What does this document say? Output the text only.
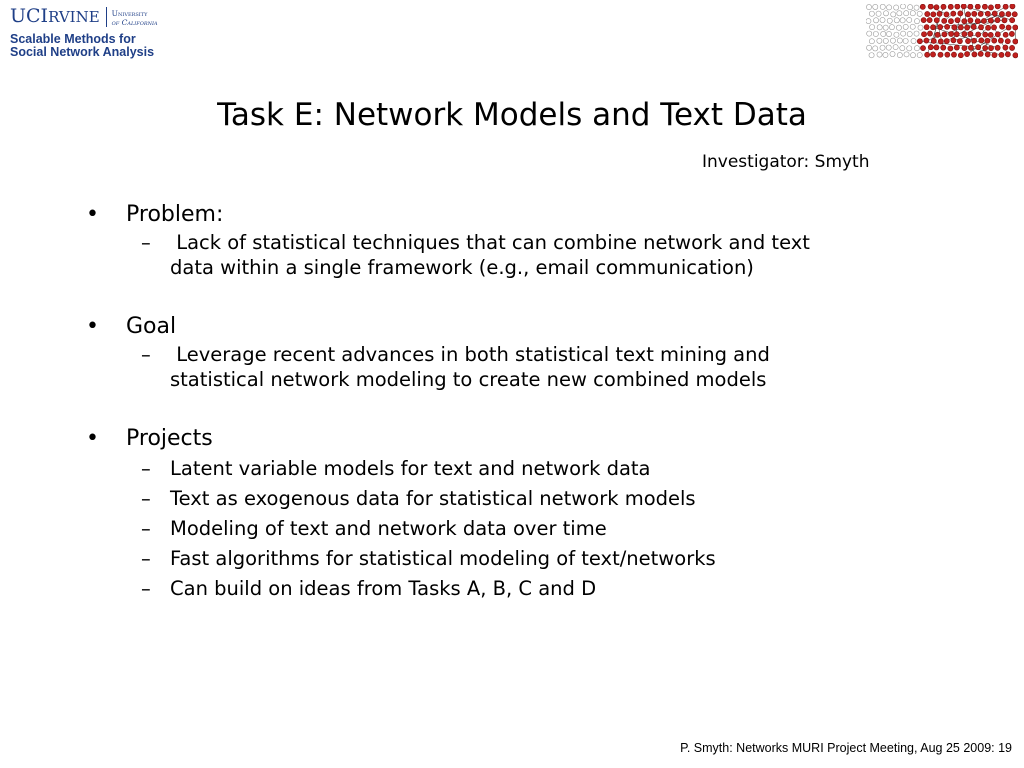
UCIRVINE University
of California
Scalable Methods for
Social Network Analysis
Task E: Network Models and Text Data
Investigator: Smyth
• Problem:
– Lack of statistical techniques that can combine network and text
data within a single framework (e.g., email communication)
• Goal
– Leverage recent advances in both statistical text mining and
statistical network modeling to create new combined models
• Projects
– Latent variable models for text and network data
– Text as exogenous data for statistical network models
– Modeling of text and network data over time
– Fast algorithms for statistical modeling of text/networks
– Can build on ideas from Tasks A, B, C and D
P. Smyth: Networks MURI Project Meeting, Aug 25 2009: 19
